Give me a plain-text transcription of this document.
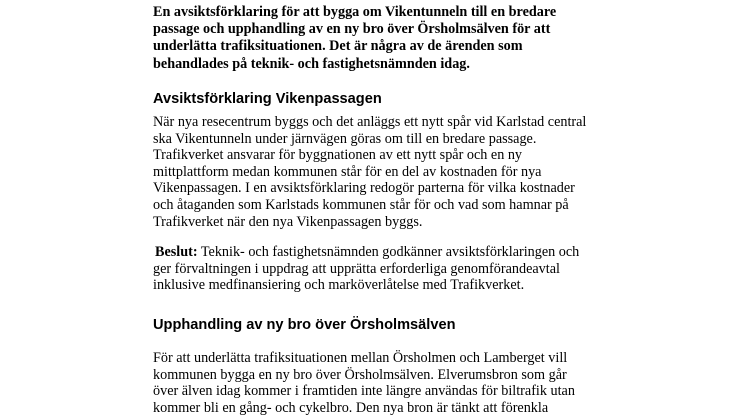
En avsiktsförklaring för att bygga om Vikentunneln till en bredare
passage och upphandling av en ny bro över Örsholmsälven för att
underlätta trafiksituationen. Det är några av de ärenden som
behandlades på teknik- och fastighetsnämnden idag.

Avsiktsförklaring Vikenpassagen

När nya resecentrum byggs och det anläggs ett nytt spår vid Karlstad central
ska Vikentunneln under järnvägen göras om till en bredare passage.
Trafikverket ansvarar för byggnationen av ett nytt spår och en ny
mittplattform medan kommunen står för en del av kostnaden för nya
Vikenpassagen. I en avsiktsförklaring redogör parterna för vilka kostnader
och åtaganden som Karlstads kommunen står för och vad som hamnar på
Trafikverket när den nya Vikenpassagen byggs.

Beslut: Teknik- och fastighetsnämnden godkänner avsiktsförklaringen och
ger förvaltningen i uppdrag att upprätta erforderliga genomförandeavtal
inklusive medfinansiering och marköverlåtelse med Trafikverket.

Upphandling av ny bro över Örsholmsälven

För att underlätta trafiksituationen mellan Örsholmen och Lamberget vill
kommunen bygga en ny bro över Örsholmsälven. Elverumsbron som går
över älven idag kommer i framtiden inte längre användas för biltrafik utan
kommer bli en gång- och cykelbro. Den nya bron är tänkt att förenkla
